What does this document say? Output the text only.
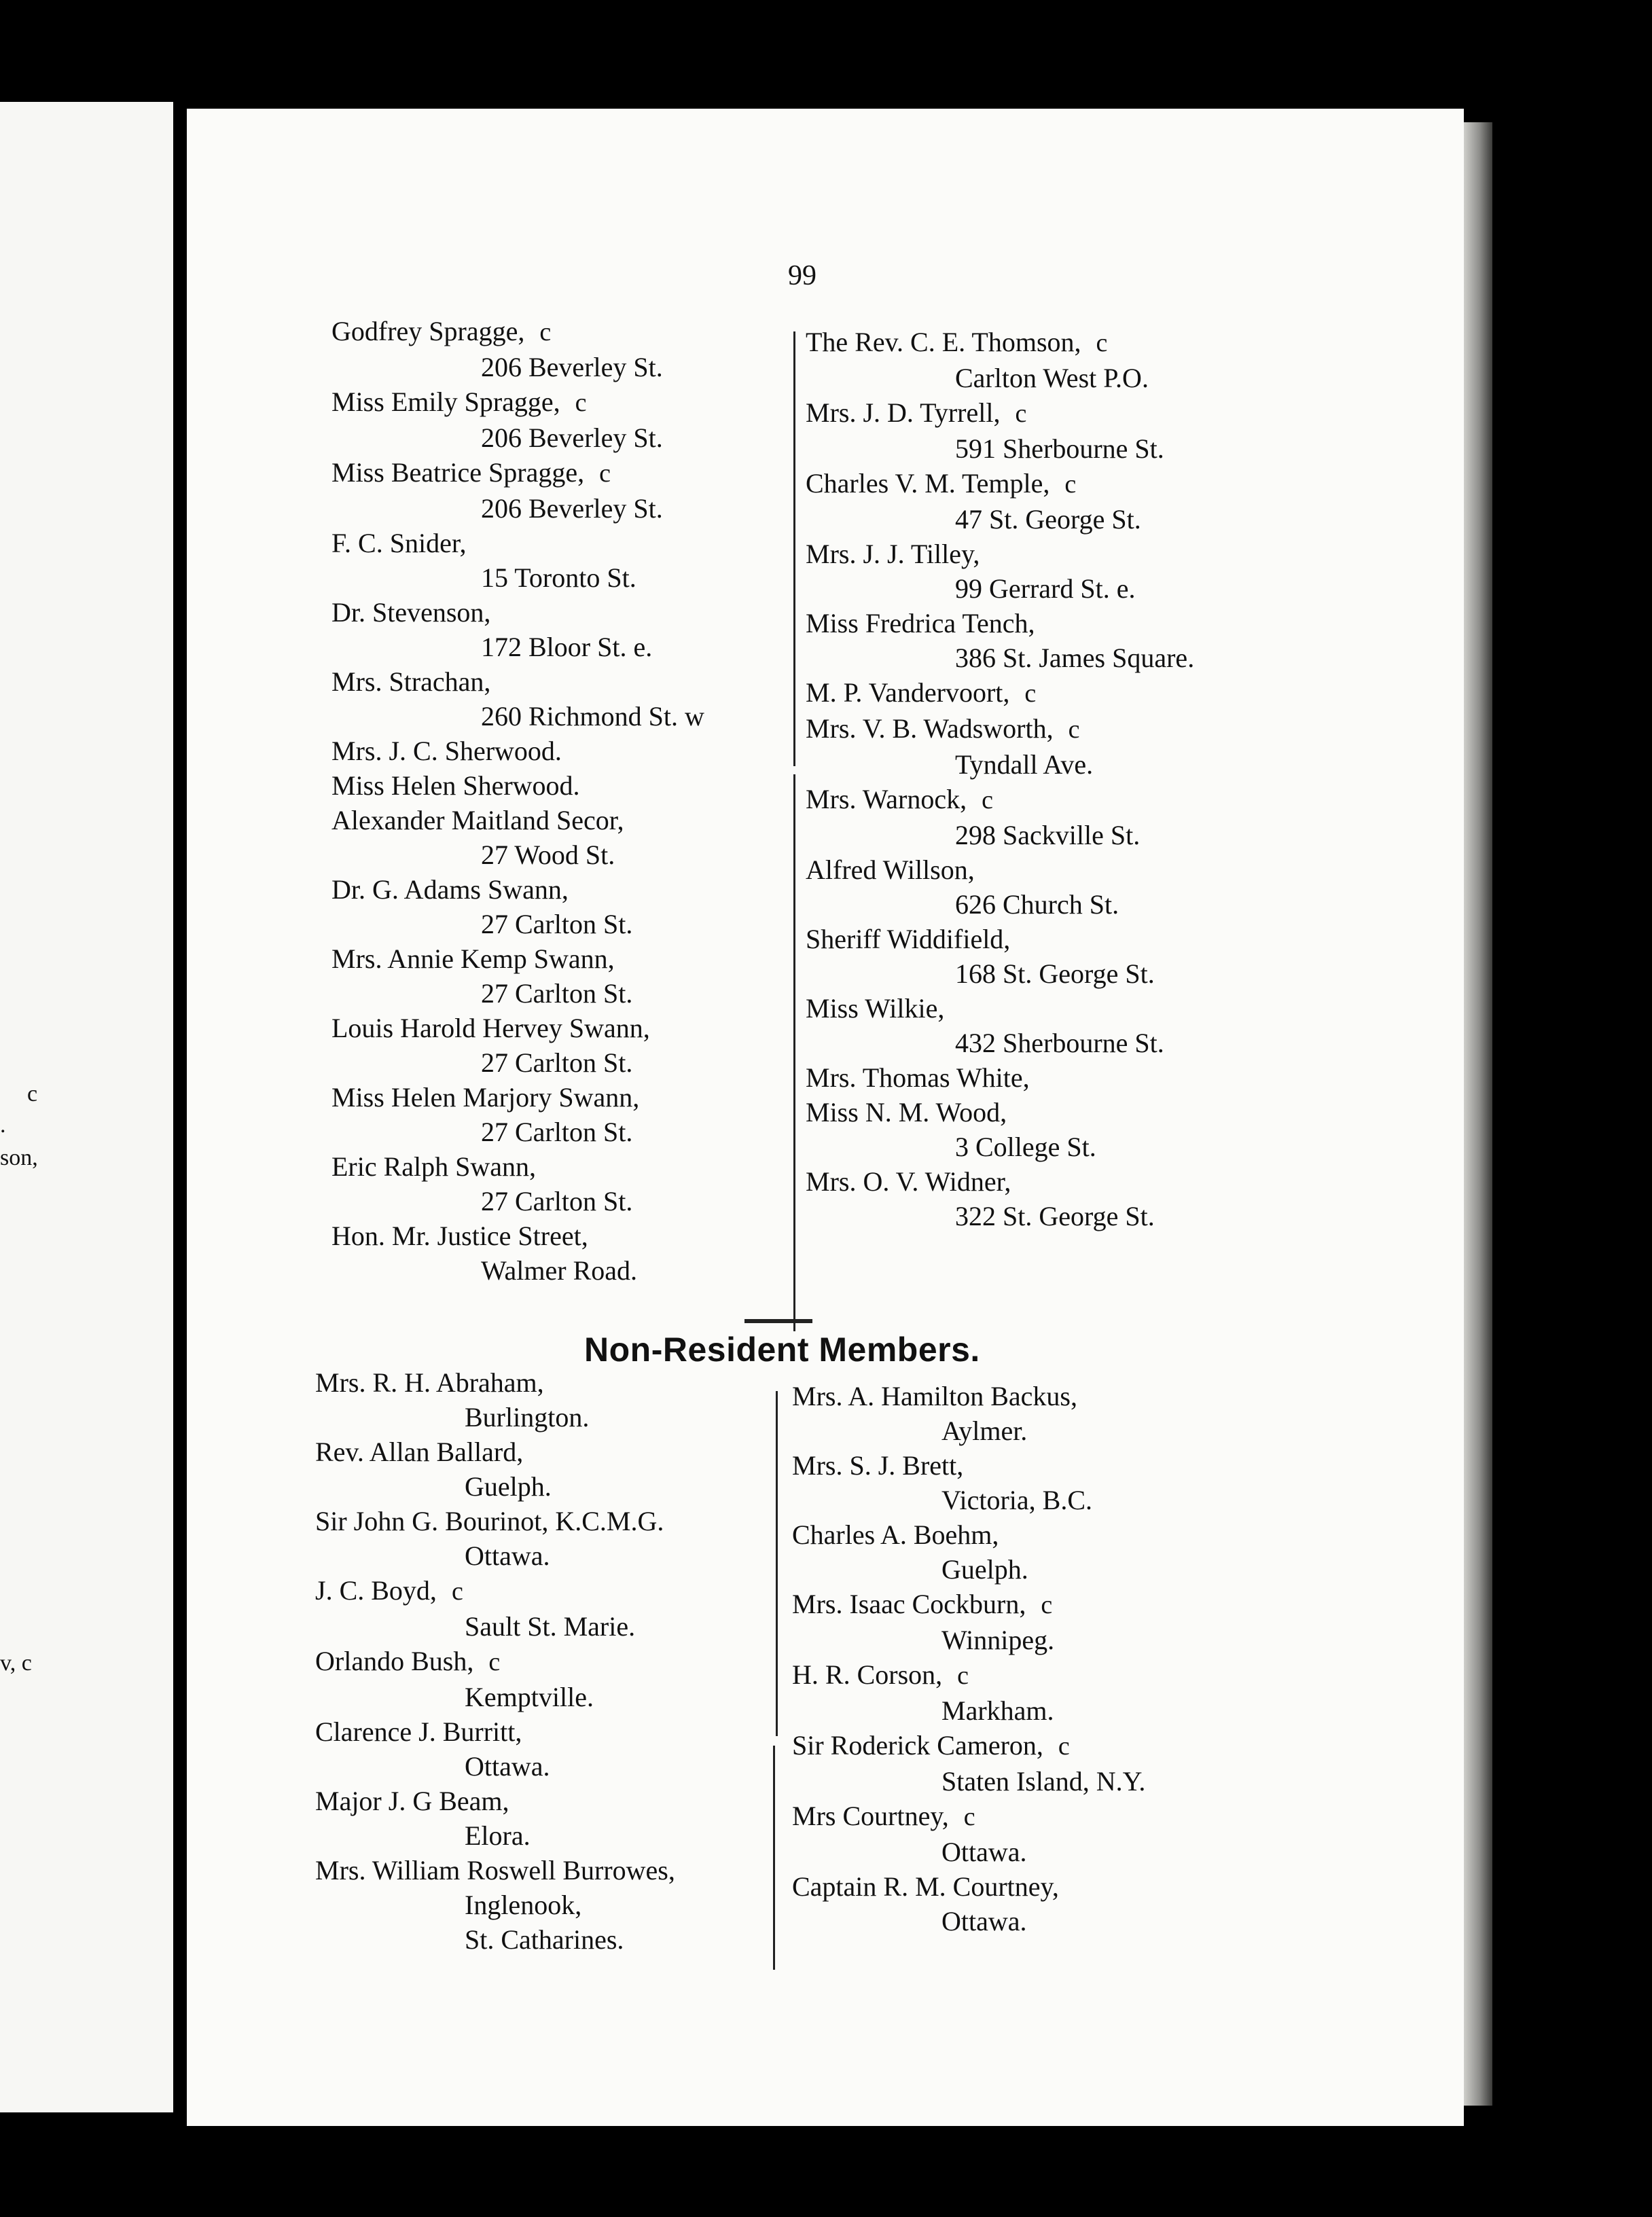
c
.
son,
v, c
99
Godfrey Spragge, c
206 Beverley St.
Miss Emily Spragge, c
206 Beverley St.
Miss Beatrice Spragge, c
206 Beverley St.
F. C. Snider,
15 Toronto St.
Dr. Stevenson,
172 Bloor St. e.
Mrs. Strachan,
260 Richmond St. w
Mrs. J. C. Sherwood.
Miss Helen Sherwood.
Alexander Maitland Secor,
27 Wood St.
Dr. G. Adams Swann,
27 Carlton St.
Mrs. Annie Kemp Swann,
27 Carlton St.
Louis Harold Hervey Swann,
27 Carlton St.
Miss Helen Marjory Swann,
27 Carlton St.
Eric Ralph Swann,
27 Carlton St.
Hon. Mr. Justice Street,
Walmer Road.
The Rev. C. E. Thomson, c
Carlton West P.O.
Mrs. J. D. Tyrrell, c
591 Sherbourne St.
Charles V. M. Temple, c
47 St. George St.
Mrs. J. J. Tilley,
99 Gerrard St. e.
Miss Fredrica Tench,
386 St. James Square.
M. P. Vandervoort, c
Mrs. V. B. Wadsworth, c
Tyndall Ave.
Mrs. Warnock, c
298 Sackville St.
Alfred Willson,
626 Church St.
Sheriff Widdifield,
168 St. George St.
Miss Wilkie,
432 Sherbourne St.
Mrs. Thomas White,
Miss N. M. Wood,
3 College St.
Mrs. O. V. Widner,
322 St. George St.
Non-Resident Members.
Mrs. R. H. Abraham,
Burlington.
Rev. Allan Ballard,
Guelph.
Sir John G. Bourinot, K.C.M.G.
Ottawa.
J. C. Boyd, c
Sault St. Marie.
Orlando Bush, c
Kemptville.
Clarence J. Burritt,
Ottawa.
Major J. G Beam,
Elora.
Mrs. William Roswell Burrowes,
Inglenook,
St. Catharines.
Mrs. A. Hamilton Backus,
Aylmer.
Mrs. S. J. Brett,
Victoria, B.C.
Charles A. Boehm,
Guelph.
Mrs. Isaac Cockburn, c
Winnipeg.
H. R. Corson, c
Markham.
Sir Roderick Cameron, c
Staten Island, N.Y.
Mrs Courtney, c
Ottawa.
Captain R. M. Courtney,
Ottawa.
